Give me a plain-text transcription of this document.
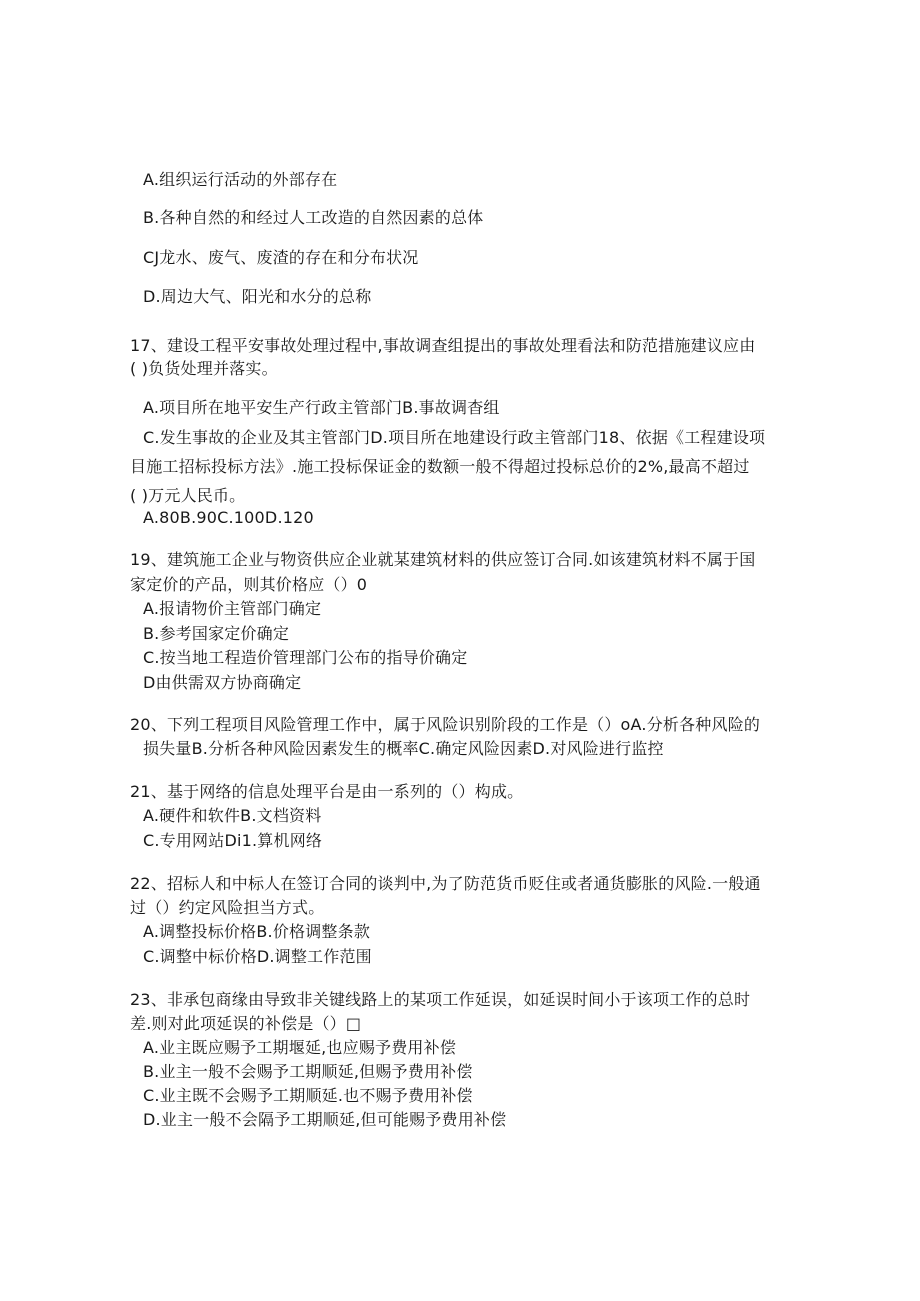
A.组织运行活动的外部存在
B.各种自然的和经过人工改造的自然因素的总体
CJ龙水、废气、废渣的存在和分布状况
D.周边大气、阳光和水分的总称
17、建设工程平安事故处理过程中,事故调查组提出的事故处理看法和防范措施建议应由
( )负货处理并落实。
A.项目所在地平安生产行政主管部门B.事故调杳组
C.发生事故的企业及其主管部门D.项目所在地建设行政主管部门18、依据《工程建设项
目施工招标投标方法》.施工投标保证金的数额一般不得超过投标总价的2%,最高不超过
( )万元人民币。
A.80B.90C.100D.120
19、建筑施工企业与物资供应企业就某建筑材料的供应签订合同.如该建筑材料不属于国
家定价的产品，则其价格应（）0
A.报请物价主管部门确定
B.参考国家定价确定
C.按当地工程造价管理部门公布的指导价确定
D由供需双方协商确定
20、下列工程项目风险管理工作中，属于风险识别阶段的工作是（）oA.分析各种风险的
损失量B.分析各种风险因素发生的概率C.确定风险因素D.对风险进行监控
21、基于网络的信息处理平台是由一系列的（）构成。
A.硬件和软件B.文档资料
C.专用网站Di1.算机网络
22、招标人和中标人在签订合同的谈判中,为了防范货币贬住或者通货膨胀的风险.一般通
过（）约定风险担当方式。
A.调整投标价格B.价格调整条款
C.调整中标价格D.调整工作范围
23、非承包商缘由导致非关键线路上的某项工作延误，如延误时间小于该项工作的总时
差.则对此项延误的补偿是（）□
A.业主既应赐予工期堰延,也应赐予费用补偿
B.业主一般不会赐予工期顺延,但赐予费用补偿
C.业主既不会赐予工期顺延.也不赐予费用补偿
D.业主一般不会隔予工期顺延,但可能赐予费用补偿
